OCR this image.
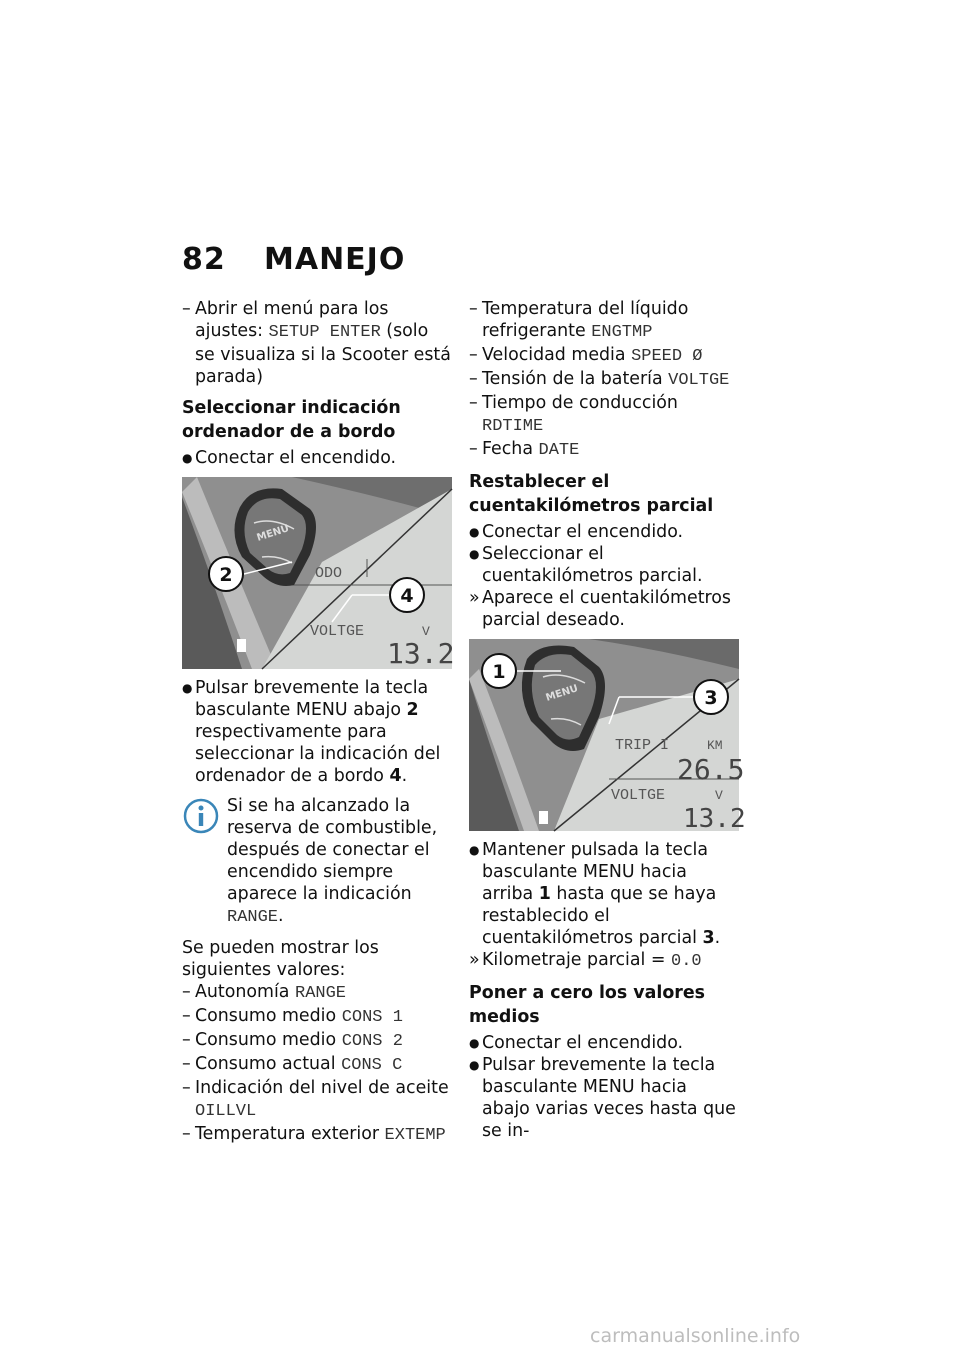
82 MANEJO
– Abrir el menú para los ajustes: SETUP ENTER (solo se visualiza si la Scooter está parada)
Seleccionar indicación ordenador de a bordo
● Conectar el encendido.
MENU
2
4
ODO
VOLTGE	V
13.2
● Pulsar brevemente la tecla basculante MENU abajo 2 respectivamente para seleccionar la indicación del ordenador de a bordo 4.
Si se ha alcanzado la reserva de combustible, después de conectar el encendido siempre aparece la indicación RANGE.
Se pueden mostrar los siguientes valores:
– Autonomía RANGE
– Consumo medio CONS 1
– Consumo medio CONS 2
– Consumo actual CONS C
– Indicación del nivel de aceite OILLVL
– Temperatura exterior EXTEMP
– Temperatura del líquido refrigerante ENGTMP
– Velocidad media SPEED Ø
– Tensión de la batería VOLTGE
– Tiempo de conducción RDTIME
– Fecha DATE
Restablecer el cuentakilómetros parcial
● Conectar el encendido.
● Seleccionar el cuentakilómetros parcial.
» Aparece el cuentakilómetros parcial deseado.
MENU
1
3
TRIP I	KM
26.5
VOLTGE	V
13.2
● Mantener pulsada la tecla basculante MENU hacia arriba 1 hasta que se haya restablecido el cuentakilómetros parcial 3.
» Kilometraje parcial = 0.0
Poner a cero los valores medios
● Conectar el encendido.
● Pulsar brevemente la tecla basculante MENU hacia abajo varias veces hasta que se in-
carmanualsonline.info
